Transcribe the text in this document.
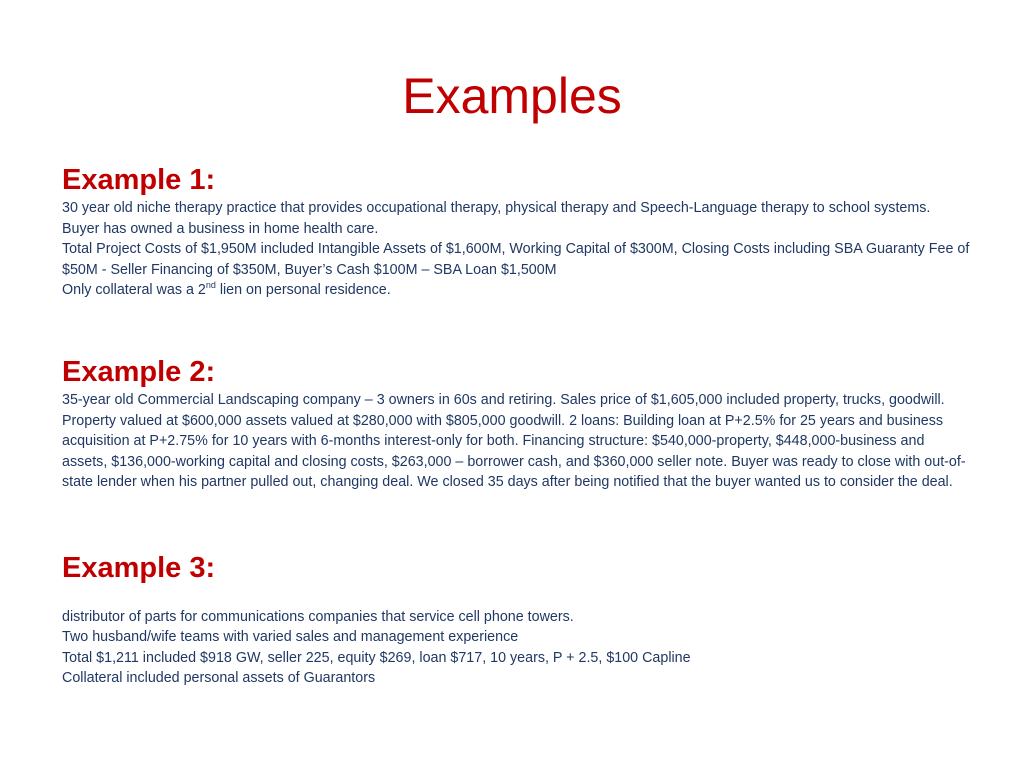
Examples
Example 1:
30 year old niche therapy practice that provides occupational therapy, physical therapy and Speech-Language therapy to school systems.
Buyer has owned a business in home health care.
Total Project Costs of $1,950M included Intangible Assets of $1,600M, Working Capital of $300M, Closing Costs including SBA Guaranty Fee of $50M - Seller Financing of $350M, Buyer’s Cash $100M – SBA Loan $1,500M
Only collateral was a 2nd lien on personal residence.
Example 2:
35-year old Commercial Landscaping company – 3 owners in 60s and retiring. Sales price of $1,605,000 included property, trucks, goodwill. Property valued at $600,000 assets valued at $280,000 with $805,000 goodwill. 2 loans: Building loan at P+2.5% for 25 years and business acquisition at P+2.75% for 10 years with 6-months interest-only for both. Financing structure: $540,000-property, $448,000-business and assets, $136,000-working capital and closing costs, $263,000 – borrower cash, and $360,000 seller note. Buyer was ready to close with out-of-state lender when his partner pulled out, changing deal. We closed 35 days after being notified that the buyer wanted us to consider the deal.
Example 3:
distributor of parts for communications companies that service cell phone towers.
Two husband/wife teams with varied sales and management experience
Total $1,211 included $918 GW, seller 225, equity $269, loan $717, 10 years, P + 2.5, $100 Capline
Collateral included personal assets of Guarantors
